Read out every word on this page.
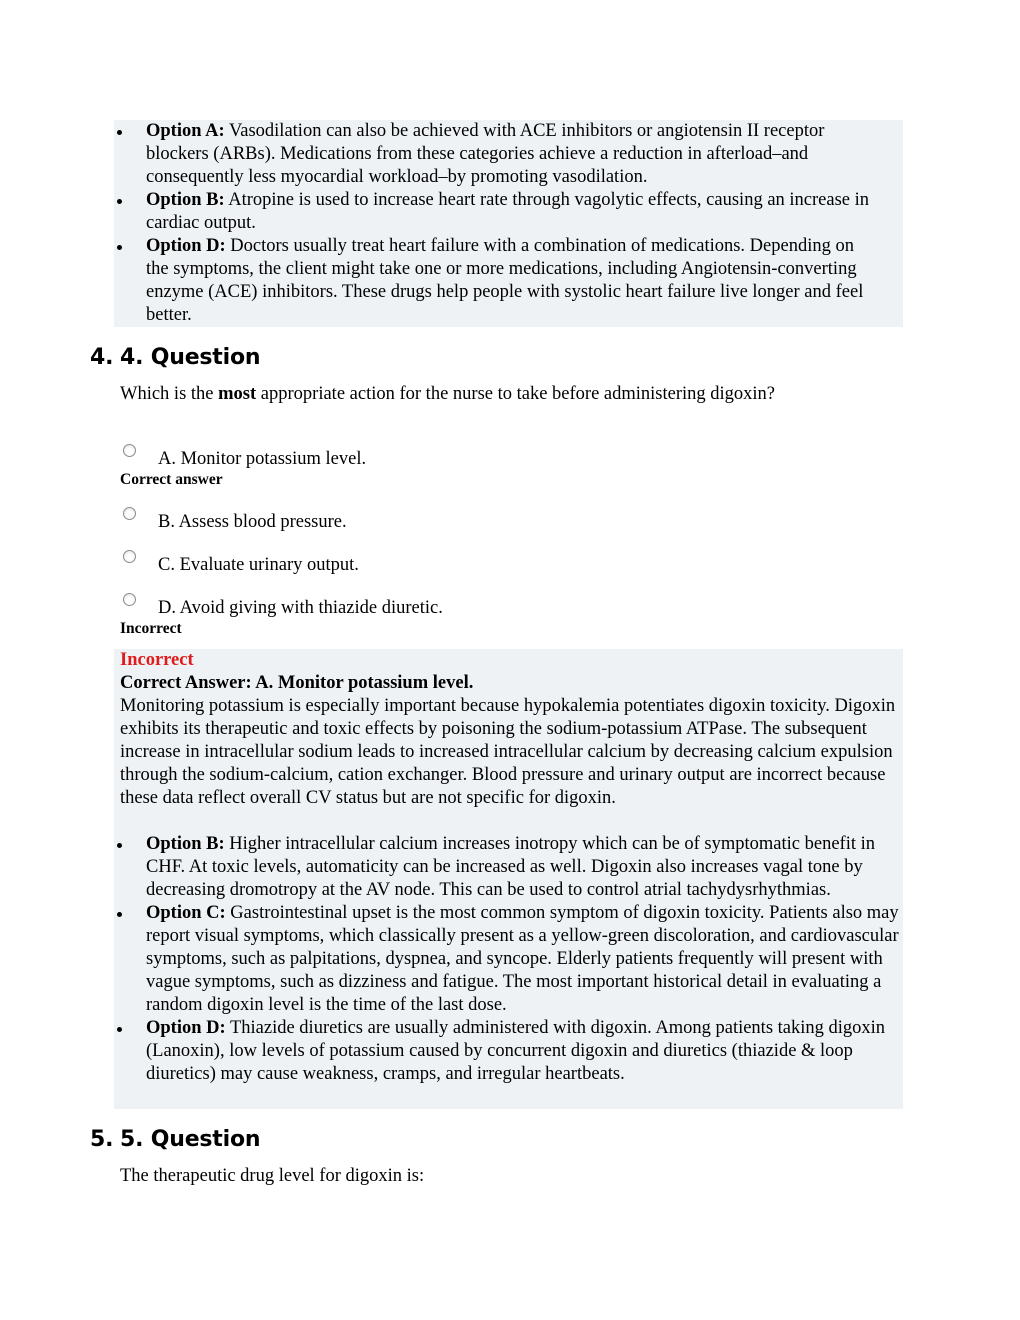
Option A: Vasodilation can also be achieved with ACE inhibitors or angiotensin II receptor blockers (ARBs). Medications from these categories achieve a reduction in afterload–and consequently less myocardial workload–by promoting vasodilation.
Option B: Atropine is used to increase heart rate through vagolytic effects, causing an increase in cardiac output.
Option D: Doctors usually treat heart failure with a combination of medications. Depending on the symptoms, the client might take one or more medications, including Angiotensin-converting enzyme (ACE) inhibitors. These drugs help people with systolic heart failure live longer and feel better.
4. 4. Question
Which is the most appropriate action for the nurse to take before administering digoxin?
A. Monitor potassium level.
Correct answer
B. Assess blood pressure.
C. Evaluate urinary output.
D. Avoid giving with thiazide diuretic.
Incorrect
Incorrect
Correct Answer: A. Monitor potassium level.
Monitoring potassium is especially important because hypokalemia potentiates digoxin toxicity. Digoxin exhibits its therapeutic and toxic effects by poisoning the sodium-potassium ATPase. The subsequent increase in intracellular sodium leads to increased intracellular calcium by decreasing calcium expulsion through the sodium-calcium, cation exchanger. Blood pressure and urinary output are incorrect because these data reflect overall CV status but are not specific for digoxin.
Option B: Higher intracellular calcium increases inotropy which can be of symptomatic benefit in CHF. At toxic levels, automaticity can be increased as well. Digoxin also increases vagal tone by decreasing dromotropy at the AV node. This can be used to control atrial tachydysrhythmias.
Option C: Gastrointestinal upset is the most common symptom of digoxin toxicity. Patients also may report visual symptoms, which classically present as a yellow-green discoloration, and cardiovascular symptoms, such as palpitations, dyspnea, and syncope. Elderly patients frequently will present with vague symptoms, such as dizziness and fatigue. The most important historical detail in evaluating a random digoxin level is the time of the last dose.
Option D: Thiazide diuretics are usually administered with digoxin. Among patients taking digoxin (Lanoxin), low levels of potassium caused by concurrent digoxin and diuretics (thiazide & loop diuretics) may cause weakness, cramps, and irregular heartbeats.
5. 5. Question
The therapeutic drug level for digoxin is:
